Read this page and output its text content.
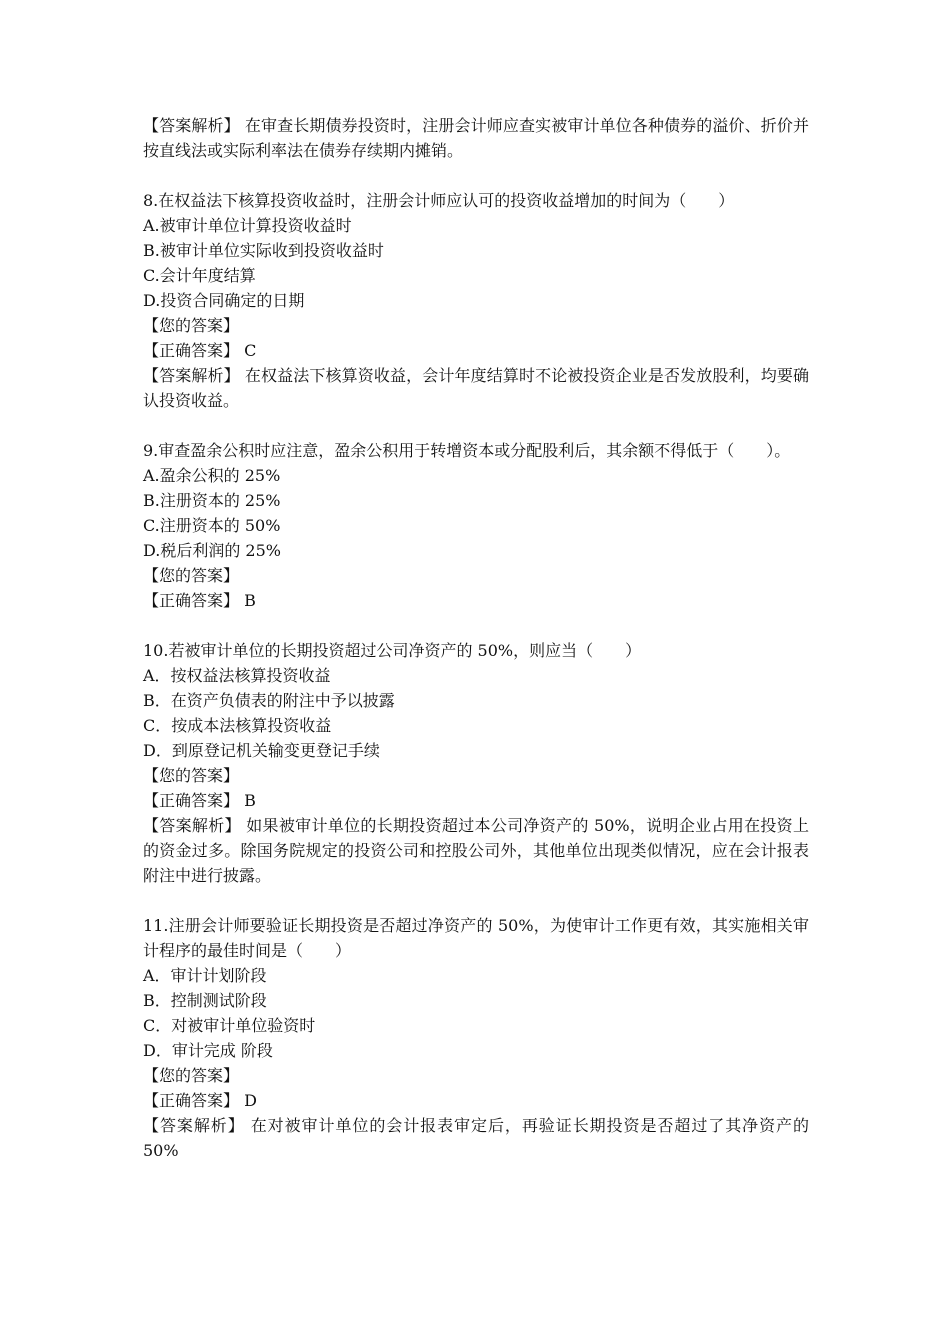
【答案解析】 在审查长期债券投资时，注册会计师应查实被审计单位各种债券的溢价、折价并按直线法或实际利率法在债券存续期内摊销。
8.在权益法下核算投资收益时，注册会计师应认可的投资收益增加的时间为（　　）
A.被审计单位计算投资收益时
B.被审计单位实际收到投资收益时
C.会计年度结算
D.投资合同确定的日期
【您的答案】
【正确答案】 C
【答案解析】 在权益法下核算资收益，会计年度结算时不论被投资企业是否发放股利，均要确认投资收益。
9.审查盈余公积时应注意，盈余公积用于转增资本或分配股利后，其余额不得低于（　　）。
A.盈余公积的 25%
B.注册资本的 25%
C.注册资本的 50%
D.税后利润的 25%
【您的答案】
【正确答案】 B
10.若被审计单位的长期投资超过公司净资产的 50%，则应当（　　）
A．按权益法核算投资收益
B．在资产负债表的附注中予以披露
C．按成本法核算投资收益
D．到原登记机关输变更登记手续
【您的答案】
【正确答案】 B
【答案解析】 如果被审计单位的长期投资超过本公司净资产的 50%，说明企业占用在投资上的资金过多。除国务院规定的投资公司和控股公司外，其他单位出现类似情况，应在会计报表附注中进行披露。
11.注册会计师要验证长期投资是否超过净资产的 50%，为使审计工作更有效，其实施相关审计程序的最佳时间是（　　）
A．审计计划阶段
B．控制测试阶段
C．对被审计单位验资时
D．审计完成 阶段
【您的答案】
【正确答案】 D
【答案解析】 在对被审计单位的会计报表审定后，再验证长期投资是否超过了其净资产的 50%
